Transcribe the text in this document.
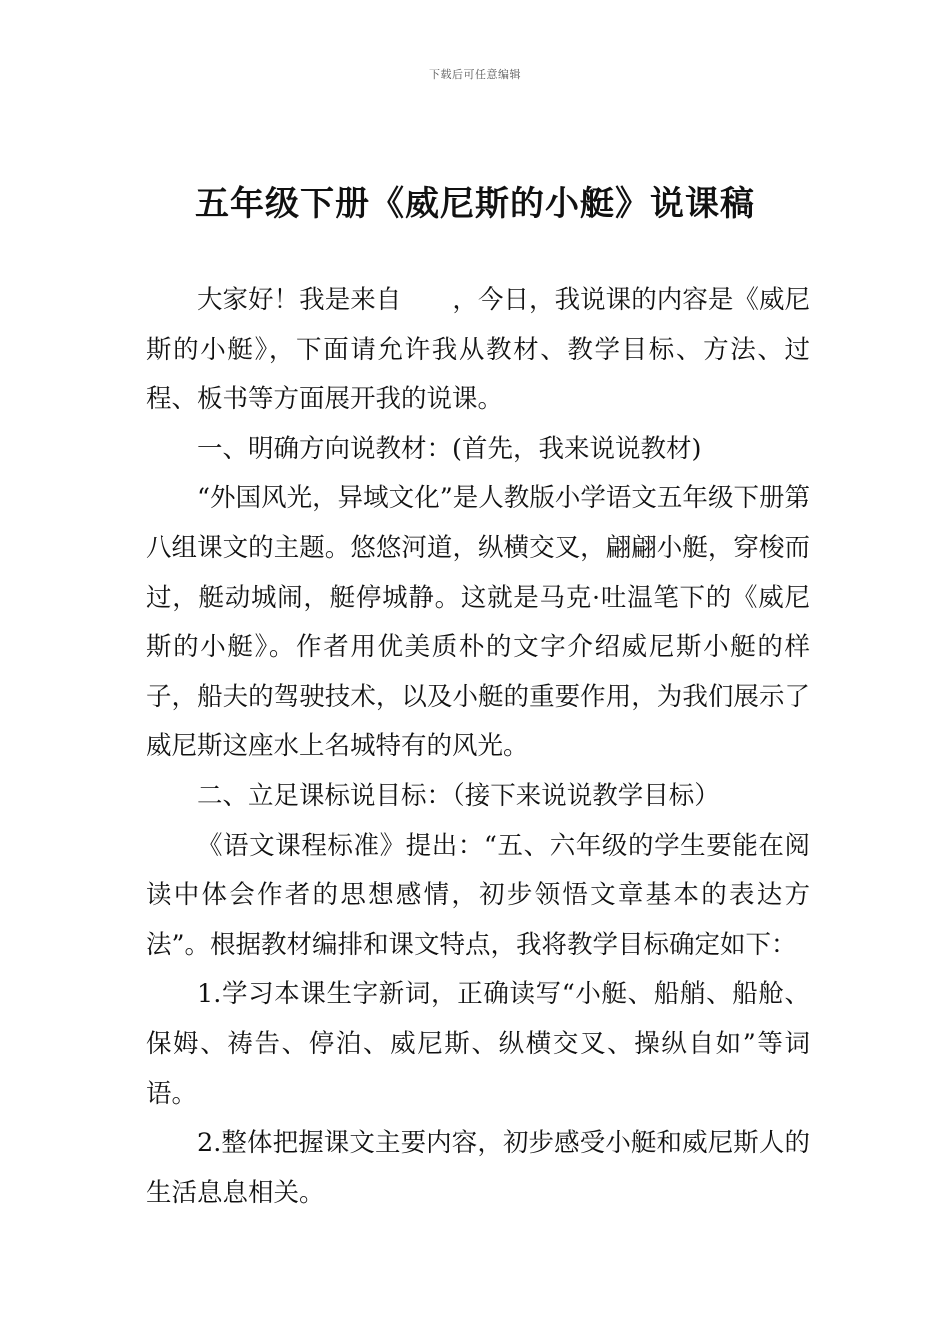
下载后可任意编辑
五年级下册《威尼斯的小艇》说课稿

大家好！我是来自　　，今日，我说课的内容是《威尼斯的小艇》，下面请允许我从教材、教学目标、方法、过程、板书等方面展开我的说课。

一、明确方向说教材：(首先，我来说说教材)

“外国风光，异域文化”是人教版小学语文五年级下册第八组课文的主题。悠悠河道，纵横交叉，翩翩小艇，穿梭而过，艇动城闹，艇停城静。这就是马克·吐温笔下的《威尼斯的小艇》。作者用优美质朴的文字介绍威尼斯小艇的样子，船夫的驾驶技术，以及小艇的重要作用，为我们展示了威尼斯这座水上名城特有的风光。

二、立足课标说目标：（接下来说说教学目标）

《语文课程标准》提出：“五、六年级的学生要能在阅读中体会作者的思想感情，初步领悟文章基本的表达方法”。根据教材编排和课文特点，我将教学目标确定如下：

1.学习本课生字新词，正确读写“小艇、船艄、船舱、保姆、祷告、停泊、威尼斯、纵横交叉、操纵自如”等词语。

2.整体把握课文主要内容，初步感受小艇和威尼斯人的生活息息相关。
